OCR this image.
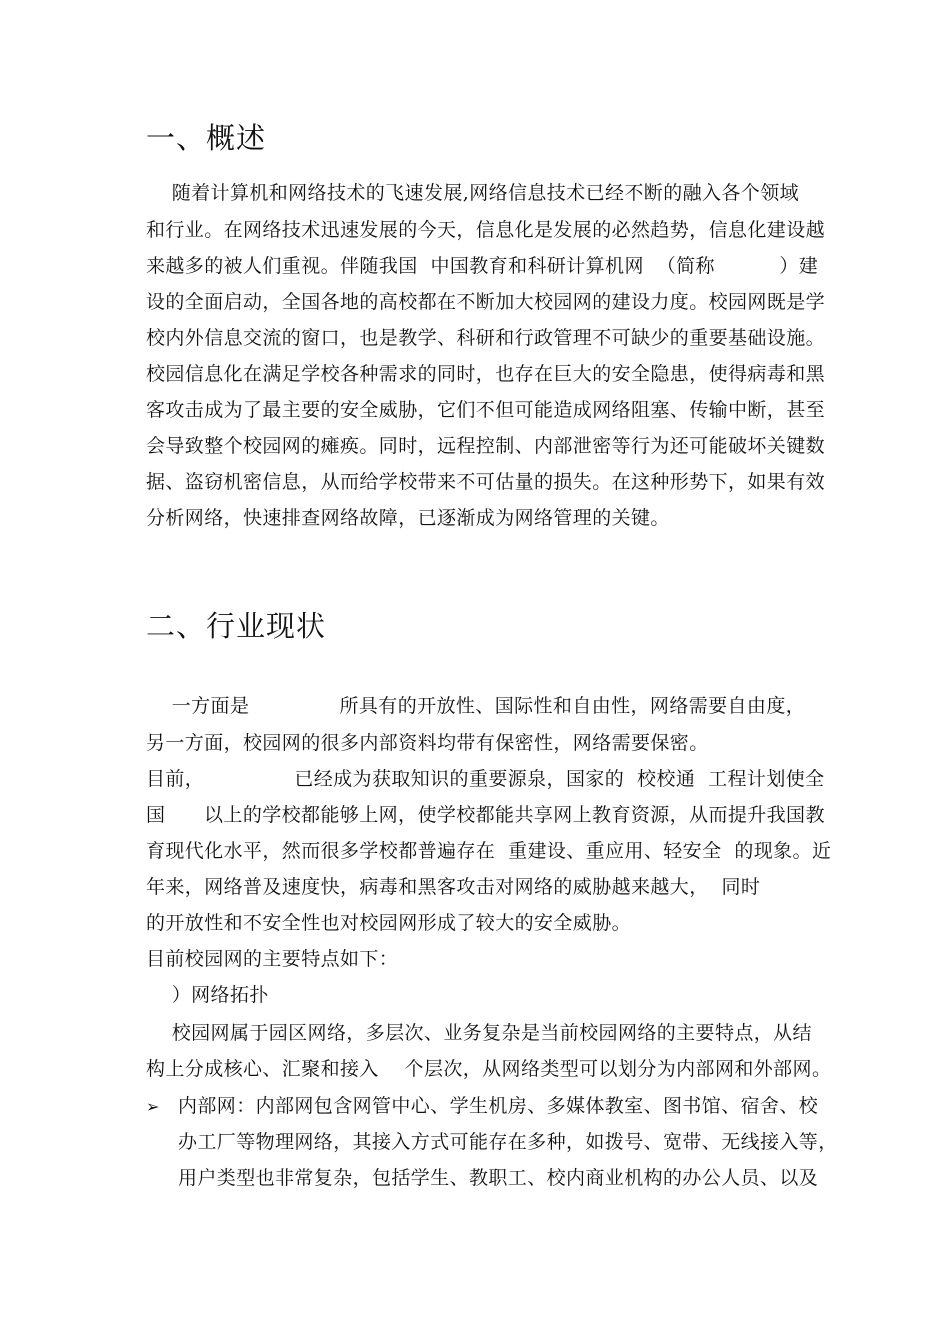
一、概述
随着计算机和网络技术的飞速发展,网络信息技术已经不断的融入各个领域
和行业。在网络技术迅速发展的今天，信息化是发展的必然趋势，信息化建设越
来越多的被人们重视。伴随我国  中国教育和科研计算机网  （简称          ）建
设的全面启动，全国各地的高校都在不断加大校园网的建设力度。校园网既是学
校内外信息交流的窗口，也是教学、科研和行政管理不可缺少的重要基础设施。
校园信息化在满足学校各种需求的同时，也存在巨大的安全隐患，使得病毒和黑
客攻击成为了最主要的安全威胁，它们不但可能造成网络阻塞、传输中断，甚至
会导致整个校园网的瘫痪。同时，远程控制、内部泄密等行为还可能破坏关键数
据、盗窃机密信息，从而给学校带来不可估量的损失。在这种形势下，如果有效
分析网络，快速排查网络故障，已逐渐成为网络管理的关键。
二、行业现状
一方面是              所具有的开放性、国际性和自由性，网络需要自由度，
另一方面，校园网的很多内部资料均带有保密性，网络需要保密。
目前，              已经成为获取知识的重要源泉，国家的  校校通  工程计划使全
国      以上的学校都能够上网，使学校都能共享网上教育资源，从而提升我国教
育现代化水平，然而很多学校都普遍存在  重建设、重应用、轻安全  的现象。近
年来，网络普及速度快，病毒和黑客攻击对网络的威胁越来越大，  同时
的开放性和不安全性也对校园网形成了较大的安全威胁。
目前校园网的主要特点如下：
）网络拓扑
校园网属于园区网络，多层次、业务复杂是当前校园网络的主要特点，从结
构上分成核心、汇聚和接入    个层次，从网络类型可以划分为内部网和外部网。
➢ 内部网：内部网包含网管中心、学生机房、多媒体教室、图书馆、宿舍、校
办工厂等物理网络，其接入方式可能存在多种，如拨号、宽带、无线接入等，
用户类型也非常复杂，包括学生、教职工、校内商业机构的办公人员、以及
